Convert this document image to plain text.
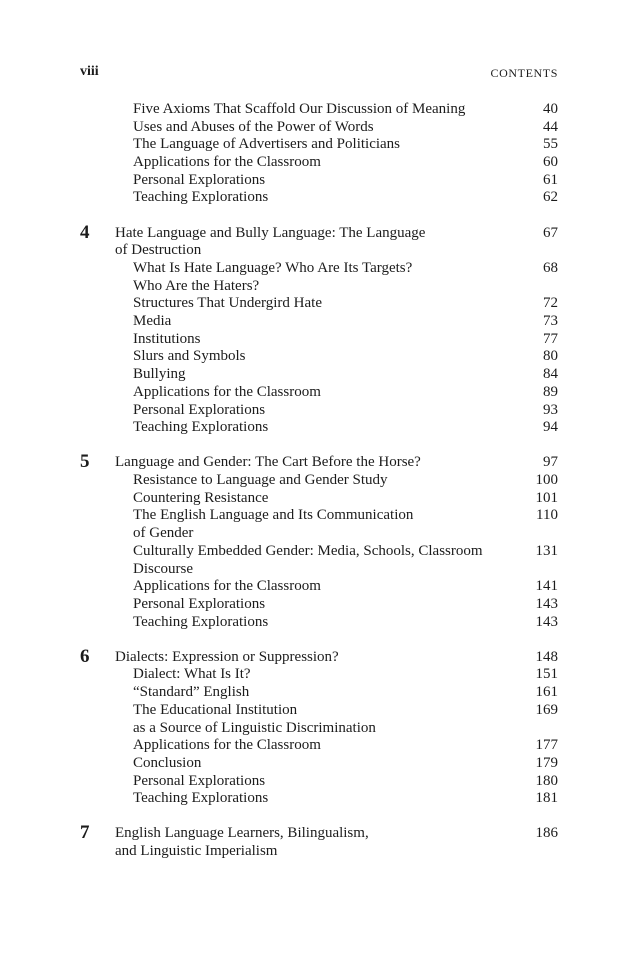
viii	CONTENTS
Five Axioms That Scaffold Our Discussion of Meaning	40
Uses and Abuses of the Power of Words	44
The Language of Advertisers and Politicians	55
Applications for the Classroom	60
Personal Explorations	61
Teaching Explorations	62
4 Hate Language and Bully Language: The Language	67
of Destruction
What Is Hate Language? Who Are Its Targets?	68
Who Are the Haters?
Structures That Undergird Hate	72
Media	73
Institutions	77
Slurs and Symbols	80
Bullying	84
Applications for the Classroom	89
Personal Explorations	93
Teaching Explorations	94
5 Language and Gender: The Cart Before the Horse?	97
Resistance to Language and Gender Study	100
Countering Resistance	101
The English Language and Its Communication	110
of Gender
Culturally Embedded Gender: Media, Schools, Classroom	131
Discourse
Applications for the Classroom	141
Personal Explorations	143
Teaching Explorations	143
6 Dialects: Expression or Suppression?	148
Dialect: What Is It?	151
“Standard” English	161
The Educational Institution	169
as a Source of Linguistic Discrimination
Applications for the Classroom	177
Conclusion	179
Personal Explorations	180
Teaching Explorations	181
7 English Language Learners, Bilingualism,	186
and Linguistic Imperialism
